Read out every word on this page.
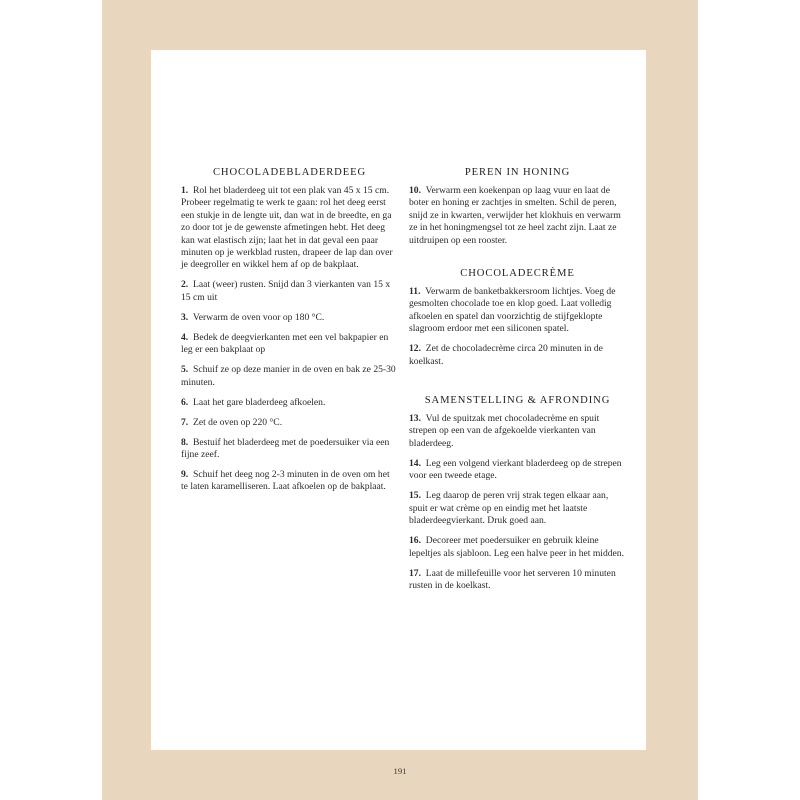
CHOCOLADEBLADERDEEG

1. Rol het bladerdeeg uit tot een plak van 45 x 15 cm. Probeer regelmatig te werk te gaan: rol het deeg eerst een stukje in de lengte uit, dan wat in de breedte, en ga zo door tot je de gewenste afmetingen hebt. Het deeg kan wat elastisch zijn; laat het in dat geval een paar minuten op je werkblad rusten, drapeer de lap dan over je deegroller en wikkel hem af op de bakplaat.

2. Laat (weer) rusten. Snijd dan 3 vierkanten van 15 x 15 cm uit

3. Verwarm de oven voor op 180 °C.

4. Bedek de deegvierkanten met een vel bakpapier en leg er een bakplaat op

5. Schuif ze op deze manier in de oven en bak ze 25-30 minuten.

6. Laat het gare bladerdeeg afkoelen.

7. Zet de oven op 220 °C.

8. Bestuif het bladerdeeg met de poedersuiker via een fijne zeef.

9. Schuif het deeg nog 2-3 minuten in de oven om het te laten karamelliseren. Laat afkoelen op de bakplaat.

PEREN IN HONING

10. Verwarm een koekenpan op laag vuur en laat de boter en honing er zachtjes in smelten. Schil de peren, snijd ze in kwarten, verwijder het klokhuis en verwarm ze in het honingmengsel tot ze heel zacht zijn. Laat ze uitdruipen op een rooster.

CHOCOLADECRÈME

11. Verwarm de banketbakkersroom lichtjes. Voeg de gesmolten chocolade toe en klop goed. Laat volledig afkoelen en spatel dan voorzichtig de stijfgeklopte slagroom erdoor met een siliconen spatel.

12. Zet de chocoladecrème circa 20 minuten in de koelkast.

SAMENSTELLING & AFRONDING

13. Vul de spuitzak met chocoladecrème en spuit strepen op een van de afgekoelde vierkanten van bladerdeeg.

14. Leg een volgend vierkant bladerdeeg op de strepen voor een tweede etage.

15. Leg daarop de peren vrij strak tegen elkaar aan, spuit er wat crème op en eindig met het laatste bladerdeegvierkant. Druk goed aan.

16. Decoreer met poedersuiker en gebruik kleine lepeltjes als sjabloon. Leg een halve peer in het midden.

17. Laat de millefeuille voor het serveren 10 minuten rusten in de koelkast.

191
